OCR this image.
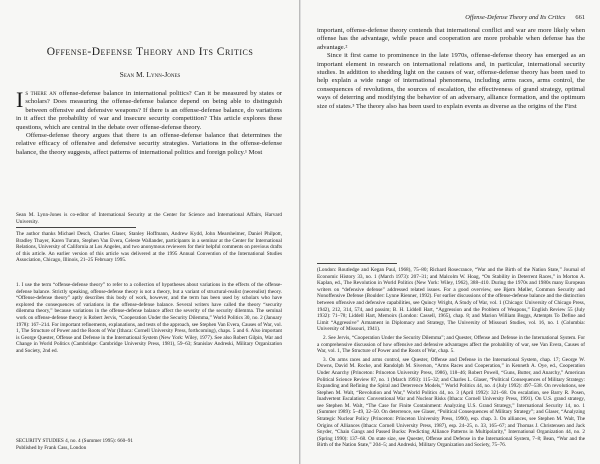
Offense-Defense Theory and Its Critics
Sean M. Lynn-Jones

Is there an offense-defense balance in international politics? Can it be measured by states or scholars? Does measuring the offense-defense balance depend on being able to distinguish between offensive and defensive weapons? If there is an offense-defense balance, do variations in it affect the probability of war and insecure security competition? This article explores these questions, which are central in the debate over offense-defense theory.

Offense-defense theory argues that there is an offense-defense balance that determines the relative efficacy of offensive and defensive security strategies. Variations in the offense-defense balance, the theory suggests, affect patterns of international politics and foreign policy.¹ Most

Sean M. Lynn-Jones is co-editor of International Security at the Center for Science and International Affairs, Harvard University.
The author thanks Michael Desch, Charles Glaser, Stanley Hoffmann, Andrew Kydd, John Mearsheimer, Daniel Philpott, Bradley Thayer, Karen Turato, Stephen Van Evera, Celeste Wallander, participants in a seminar at the Center for International Relations, University of California at Los Angeles, and two anonymous reviewers for their helpful comments on previous drafts of this article. An earlier version of this article was delivered at the 1995 Annual Convention of the International Studies Association, Chicago, Illinois, 21–25 February 1995.
1. I use the term “offense-defense theory” to refer to a collection of hypotheses about variations in the effects of the offense-defense balance. Strictly speaking, offense-defense theory is not a theory, but a variant of structural-realist (neorealist) theory. “Offense-defense theory” aptly describes this body of work, however, and the term has been used by scholars who have explored the consequences of variations in the offense-defense balance. Several writers have called the theory “security dilemma theory,” because variations in the offense-defense balance affect the severity of the security dilemma. The seminal work on offense-defense theory is Robert Jervis, “Cooperation Under the Security Dilemma,” World Politics 30, no. 2 (January 1978): 167–214. For important refinements, explanations, and tests of the approach, see Stephen Van Evera, Causes of War, vol. 1, The Structure of Power and the Roots of War (Ithaca: Cornell University Press, forthcoming), chaps. 5 and 6. Also important is George Quester, Offense and Defense in the International System (New York: Wiley, 1977). See also Robert Gilpin, War and Change in World Politics (Cambridge: Cambridge University Press, 1981), 59–63; Stanislav Andreski, Military Organization and Society, 2nd ed.
SECURITY STUDIES 4, no. 4 (Summer 1995): 660–91
Published by Frank Cass, London
Offense-Defense Theory and Its Critics 661

important, offense-defense theory contends that international conflict and war are more likely when offense has the advantage, while peace and cooperation are more probable when defense has the advantage.²

Since it first came to prominence in the late 1970s, offense-defense theory has emerged as an important element in research on international relations and, in particular, international security studies. In addition to shedding light on the causes of war, offense-defense theory has been used to help explain a wide range of international phenomena, including arms races, arms control, the consequences of revolutions, the sources of escalation, the effectiveness of grand strategy, optimal ways of deterring and modifying the behavior of an adversary, alliance formation, and the optimum size of states.³ The theory also has been used to explain events as diverse as the origins of the First

(London: Routledge and Kegan Paul, 1968), 75–80; Richard Rosecrance, “War and the Birth of the Nation State,” Journal of Economic History 33, no. 1 (March 1973): 207–31; and Malcolm W. Hoag, “On Stability in Deterrent Races,” in Morton A. Kaplan, ed., The Revolution in World Politics (New York: Wiley, 1962), 388–410. During the 1970s and 1980s many European writers on “defensive defense” addressed related issues. For a good overview, see Bjørn Møller, Common Security and Nonoffensive Defense (Boulder: Lynne Rienner, 1992). For earlier discussions of the offense-defense balance and the distinction between offensive and defensive capabilities, see Quincy Wright, A Study of War, vol. 1 (Chicago: University of Chicago Press, 1942), 212, 314, 574, and passim; B. H. Liddell Hart, “Aggression and the Problem of Weapons,” English Review 55 (July 1932): 71–78; Liddell Hart, Memoirs (London: Cassell, 1965), chap. 8; and Marion William Boggs, Attempts To Define and Limit “Aggressive” Armament in Diplomacy and Strategy, The University of Missouri Studies, vol. 16, no. 1 (Columbia: University of Missouri, 1941).

2. See Jervis, “Cooperation Under the Security Dilemma”; and Quester, Offense and Defense in the International System. For a comprehensive discussion of how offensive and defensive advantages affect the probability of war, see Van Evera, Causes of War, vol. 1, The Structure of Power and the Roots of War, chap. 5.

3. On arms races and arms control, see Quester, Offense and Defense in the International System, chap. 17; George W. Downs, David M. Rocke, and Randolph M. Siverson, “Arms Races and Cooperation,” in Kenneth A. Oye, ed., Cooperation Under Anarchy (Princeton: Princeton University Press, 1986), 118–46; Robert Powell, “Guns, Butter, and Anarchy,” American Political Science Review 87, no. 1 (March 1993): 115–32; and Charles L. Glaser, “Political Consequences of Military Strategy: Expanding and Refining the Spiral and Deterrence Models,” World Politics 44, no. 4 (July 1992): 497–538. On revolutions, see Stephen M. Walt, “Revolution and War,” World Politics 44, no. 3 (April 1992): 321–68. On escalation, see Barry R. Posen, Inadvertent Escalation: Conventional War and Nuclear Risks (Ithaca: Cornell University Press, 1991). On U.S. grand strategy, see Stephen M. Walt, “The Case for Finite Containment: Analyzing U.S. Grand Strategy,” International Security 14, no. 1 (Summer 1989): 5–49, 32–50. On deterrence, see Glaser, “Political Consequences of Military Strategy”; and Glaser, “Analyzing Strategic Nuclear Policy (Princeton: Princeton University Press, 1990), esp. chap. 3. On alliances, see Stephen M. Walt, The Origins of Alliances (Ithaca: Cornell University Press, 1987), esp. 24–25, n. 33, 165–67; and Thomas J. Christensen and Jack Snyder, “Chain Gangs and Passed Bucks: Predicting Alliance Patterns in Multipolarity,” International Organization 44, no. 2 (Spring 1990): 137–68. On state size, see Quester, Offense and Defense in the International System, 7–8; Bean, “War and the Birth of the Nation State,” 204–5; and Andreski, Military Organization and Society, 75–76.
